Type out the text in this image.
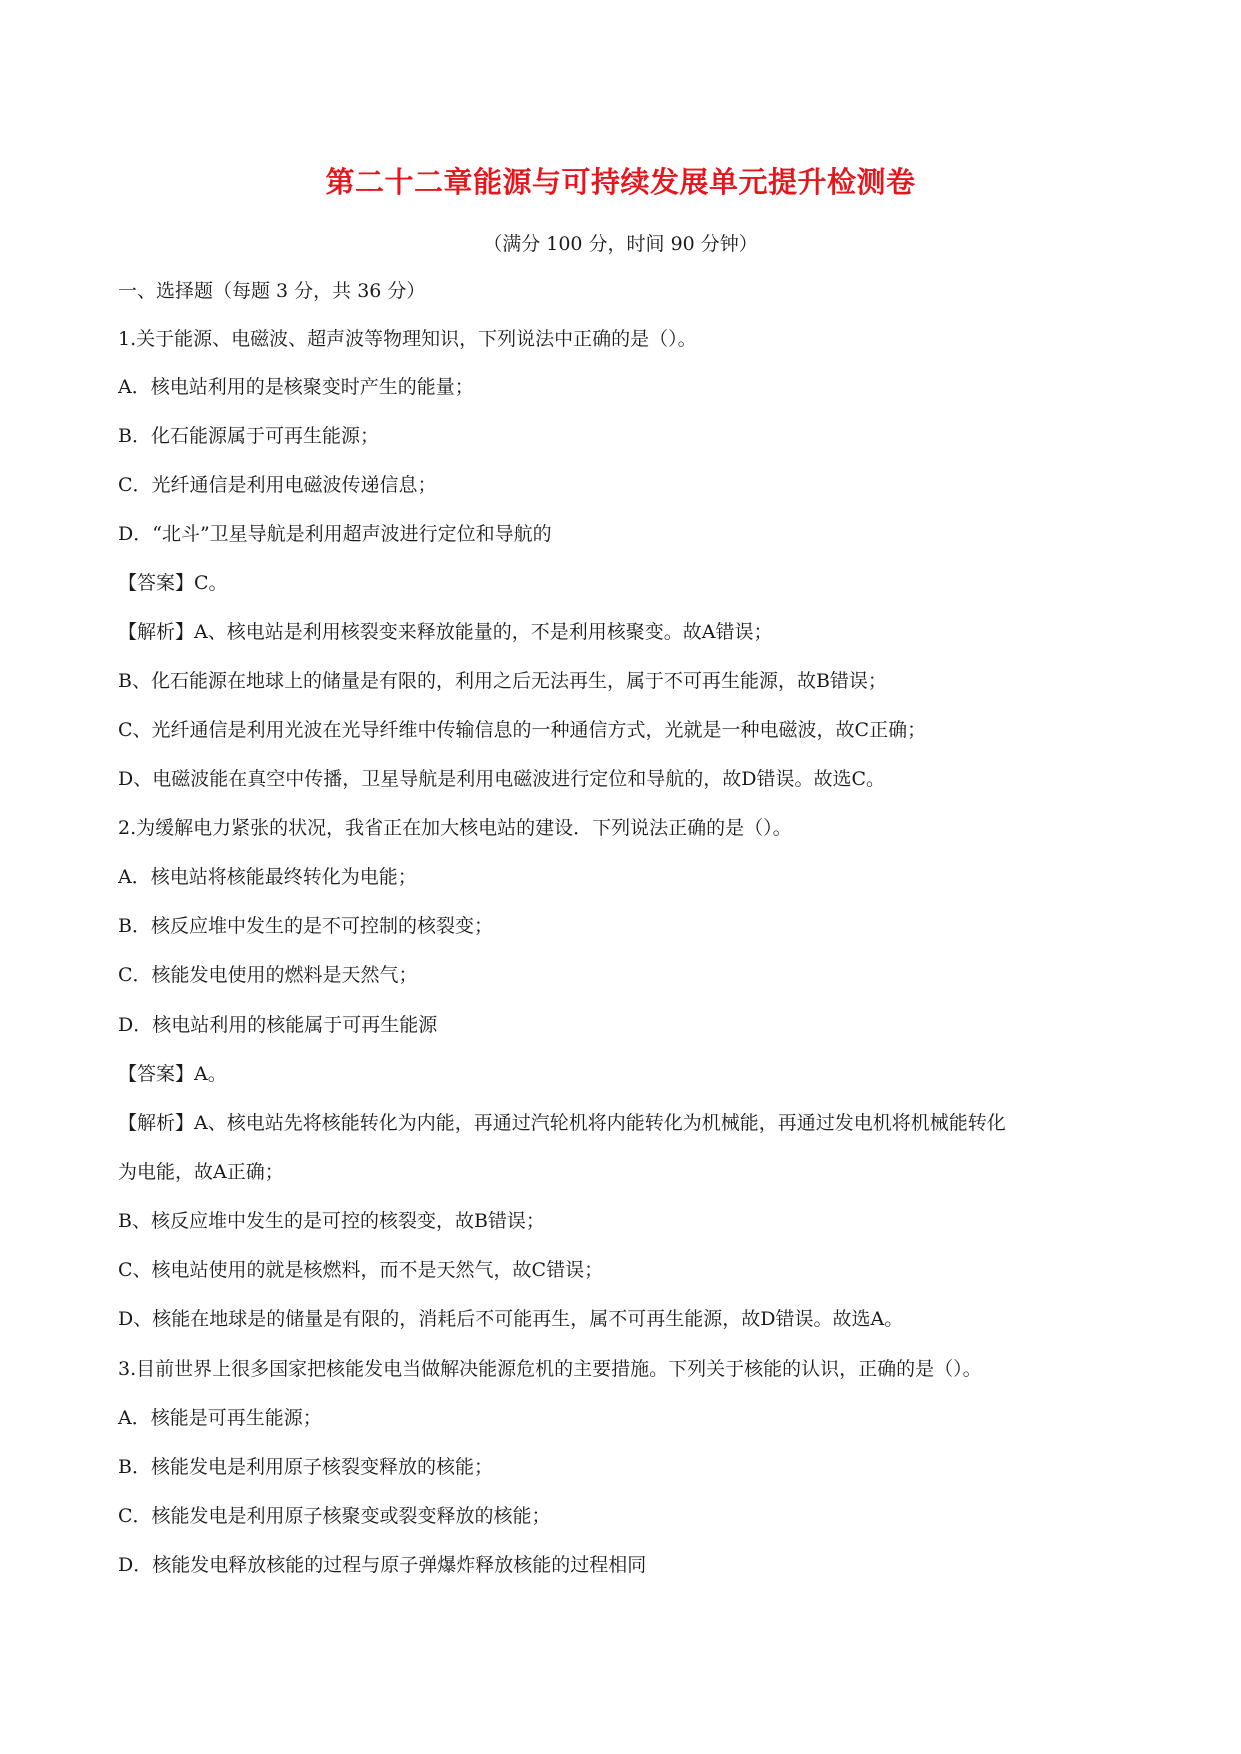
第二十二章能源与可持续发展单元提升检测卷
（满分 100 分，时间 90 分钟）
一、选择题（每题 3 分，共 36 分）
1.关于能源、电磁波、超声波等物理知识，下列说法中正确的是（）。
A．核电站利用的是核聚变时产生的能量；
B．化石能源属于可再生能源；
C．光纤通信是利用电磁波传递信息；
D．“北斗”卫星导航是利用超声波进行定位和导航的
【答案】C。
【解析】A、核电站是利用核裂变来释放能量的，不是利用核聚变。故A错误；
B、化石能源在地球上的储量是有限的，利用之后无法再生，属于不可再生能源，故B错误；
C、光纤通信是利用光波在光导纤维中传输信息的一种通信方式，光就是一种电磁波，故C正确；
D、电磁波能在真空中传播，卫星导航是利用电磁波进行定位和导航的，故D错误。故选C。
2.为缓解电力紧张的状况，我省正在加大核电站的建设．下列说法正确的是（）。
A．核电站将核能最终转化为电能；
B．核反应堆中发生的是不可控制的核裂变；
C．核能发电使用的燃料是天然气；
D．核电站利用的核能属于可再生能源
【答案】A。
【解析】A、核电站先将核能转化为内能，再通过汽轮机将内能转化为机械能，再通过发电机将机械能转化
为电能，故A正确；
B、核反应堆中发生的是可控的核裂变，故B错误；
C、核电站使用的就是核燃料，而不是天然气，故C错误；
D、核能在地球是的储量是有限的，消耗后不可能再生，属不可再生能源，故D错误。故选A。
3.目前世界上很多国家把核能发电当做解决能源危机的主要措施。下列关于核能的认识，正确的是（）。
A．核能是可再生能源；
B．核能发电是利用原子核裂变释放的核能；
C．核能发电是利用原子核聚变或裂变释放的核能；
D．核能发电释放核能的过程与原子弹爆炸释放核能的过程相同
